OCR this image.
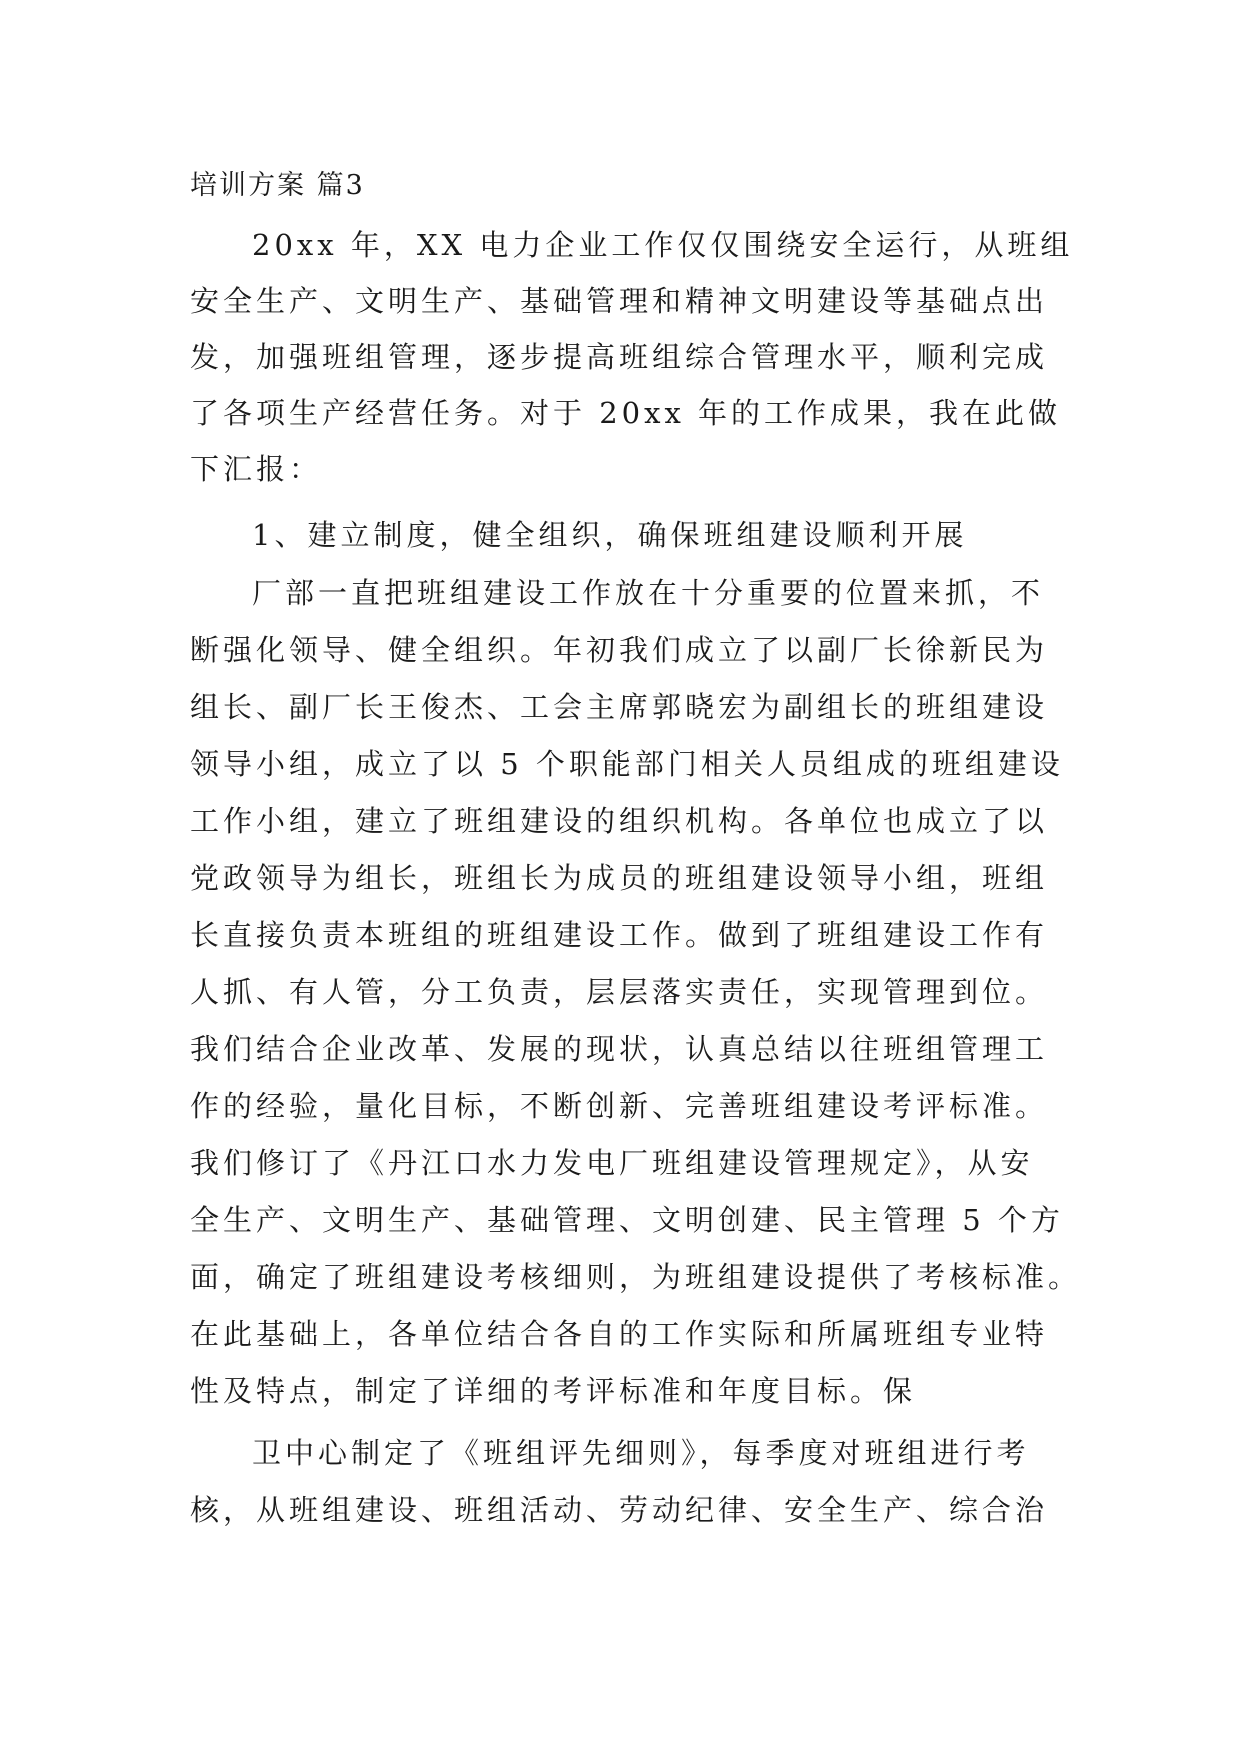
培训方案 篇3
20xx 年，XX 电力企业工作仅仅围绕安全运行，从班组
安全生产、文明生产、基础管理和精神文明建设等基础点出
发，加强班组管理，逐步提高班组综合管理水平，顺利完成
了各项生产经营任务。对于 20xx 年的工作成果，我在此做
下汇报：
1、建立制度，健全组织，确保班组建设顺利开展
厂部一直把班组建设工作放在十分重要的位置来抓，不
断强化领导、健全组织。年初我们成立了以副厂长徐新民为
组长、副厂长王俊杰、工会主席郭晓宏为副组长的班组建设
领导小组，成立了以 5 个职能部门相关人员组成的班组建设
工作小组，建立了班组建设的组织机构。各单位也成立了以
党政领导为组长，班组长为成员的班组建设领导小组，班组
长直接负责本班组的班组建设工作。做到了班组建设工作有
人抓、有人管，分工负责，层层落实责任，实现管理到位。
我们结合企业改革、发展的现状，认真总结以往班组管理工
作的经验，量化目标，不断创新、完善班组建设考评标准。
我们修订了《丹江口水力发电厂班组建设管理规定》，从安
全生产、文明生产、基础管理、文明创建、民主管理 5 个方
面，确定了班组建设考核细则，为班组建设提供了考核标准。
在此基础上，各单位结合各自的工作实际和所属班组专业特
性及特点，制定了详细的考评标准和年度目标。保
卫中心制定了《班组评先细则》，每季度对班组进行考
核，从班组建设、班组活动、劳动纪律、安全生产、综合治
